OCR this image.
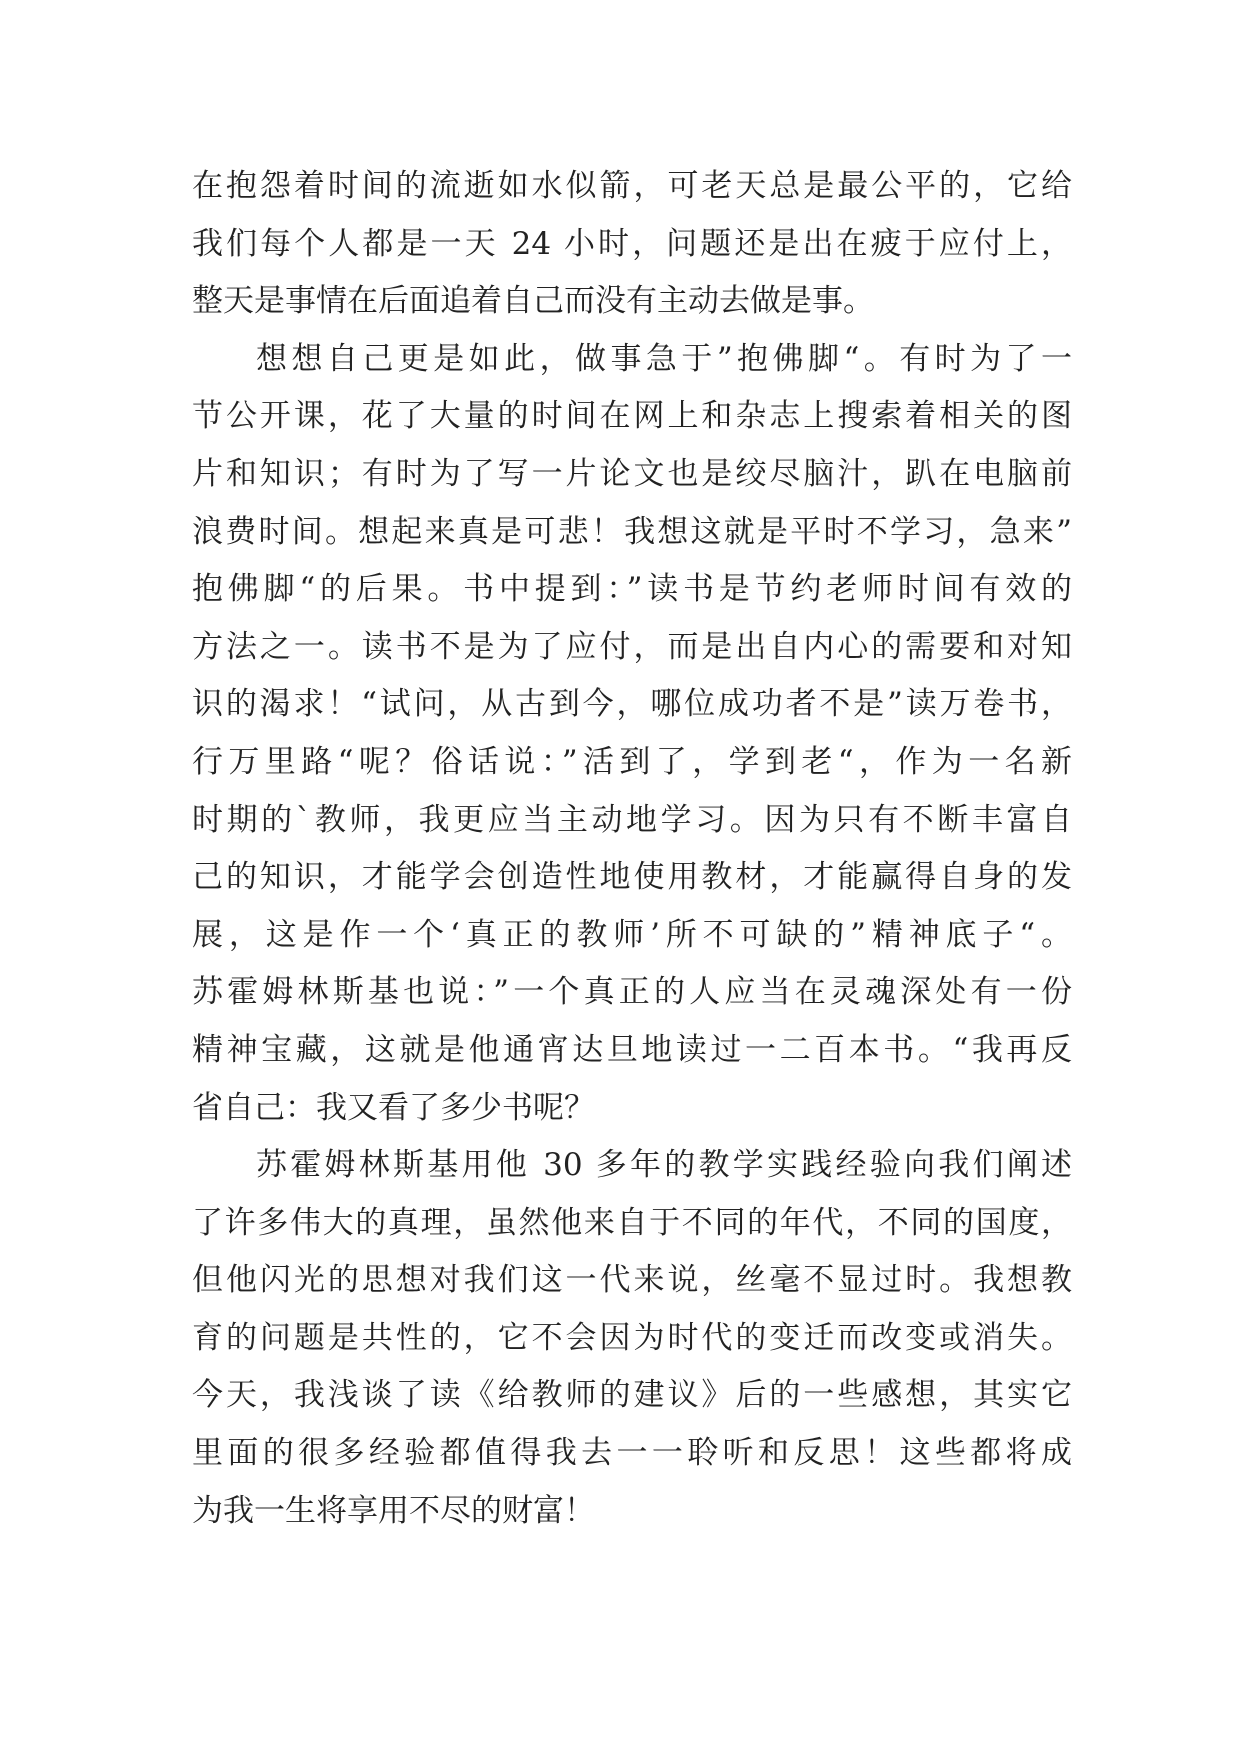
在抱怨着时间的流逝如水似箭，可老天总是最公平的，它给
我们每个人都是一天 24 小时，问题还是出在疲于应付上，
整天是事情在后面追着自己而没有主动去做是事。
想想自己更是如此，做事急于”抱佛脚“。有时为了一
节公开课，花了大量的时间在网上和杂志上搜索着相关的图
片和知识；有时为了写一片论文也是绞尽脑汁，趴在电脑前
浪费时间。想起来真是可悲！我想这就是平时不学习，急来”
抱佛脚“的后果。书中提到：”读书是节约老师时间有效的
方法之一。读书不是为了应付，而是出自内心的需要和对知
识的渴求！“试问，从古到今，哪位成功者不是”读万卷书，
行万里路“呢？俗话说：”活到了，学到老“，作为一名新
时期的`教师，我更应当主动地学习。因为只有不断丰富自
己的知识，才能学会创造性地使用教材，才能赢得自身的发
展，这是作一个‘真正的教师’所不可缺的”精神底子“。
苏霍姆林斯基也说：”一个真正的人应当在灵魂深处有一份
精神宝藏，这就是他通宵达旦地读过一二百本书。“我再反
省自己：我又看了多少书呢？
苏霍姆林斯基用他 30 多年的教学实践经验向我们阐述
了许多伟大的真理，虽然他来自于不同的年代，不同的国度，
但他闪光的思想对我们这一代来说，丝毫不显过时。我想教
育的问题是共性的，它不会因为时代的变迁而改变或消失。
今天，我浅谈了读《给教师的建议》后的一些感想，其实它
里面的很多经验都值得我去一一聆听和反思！这些都将成
为我一生将享用不尽的财富！
